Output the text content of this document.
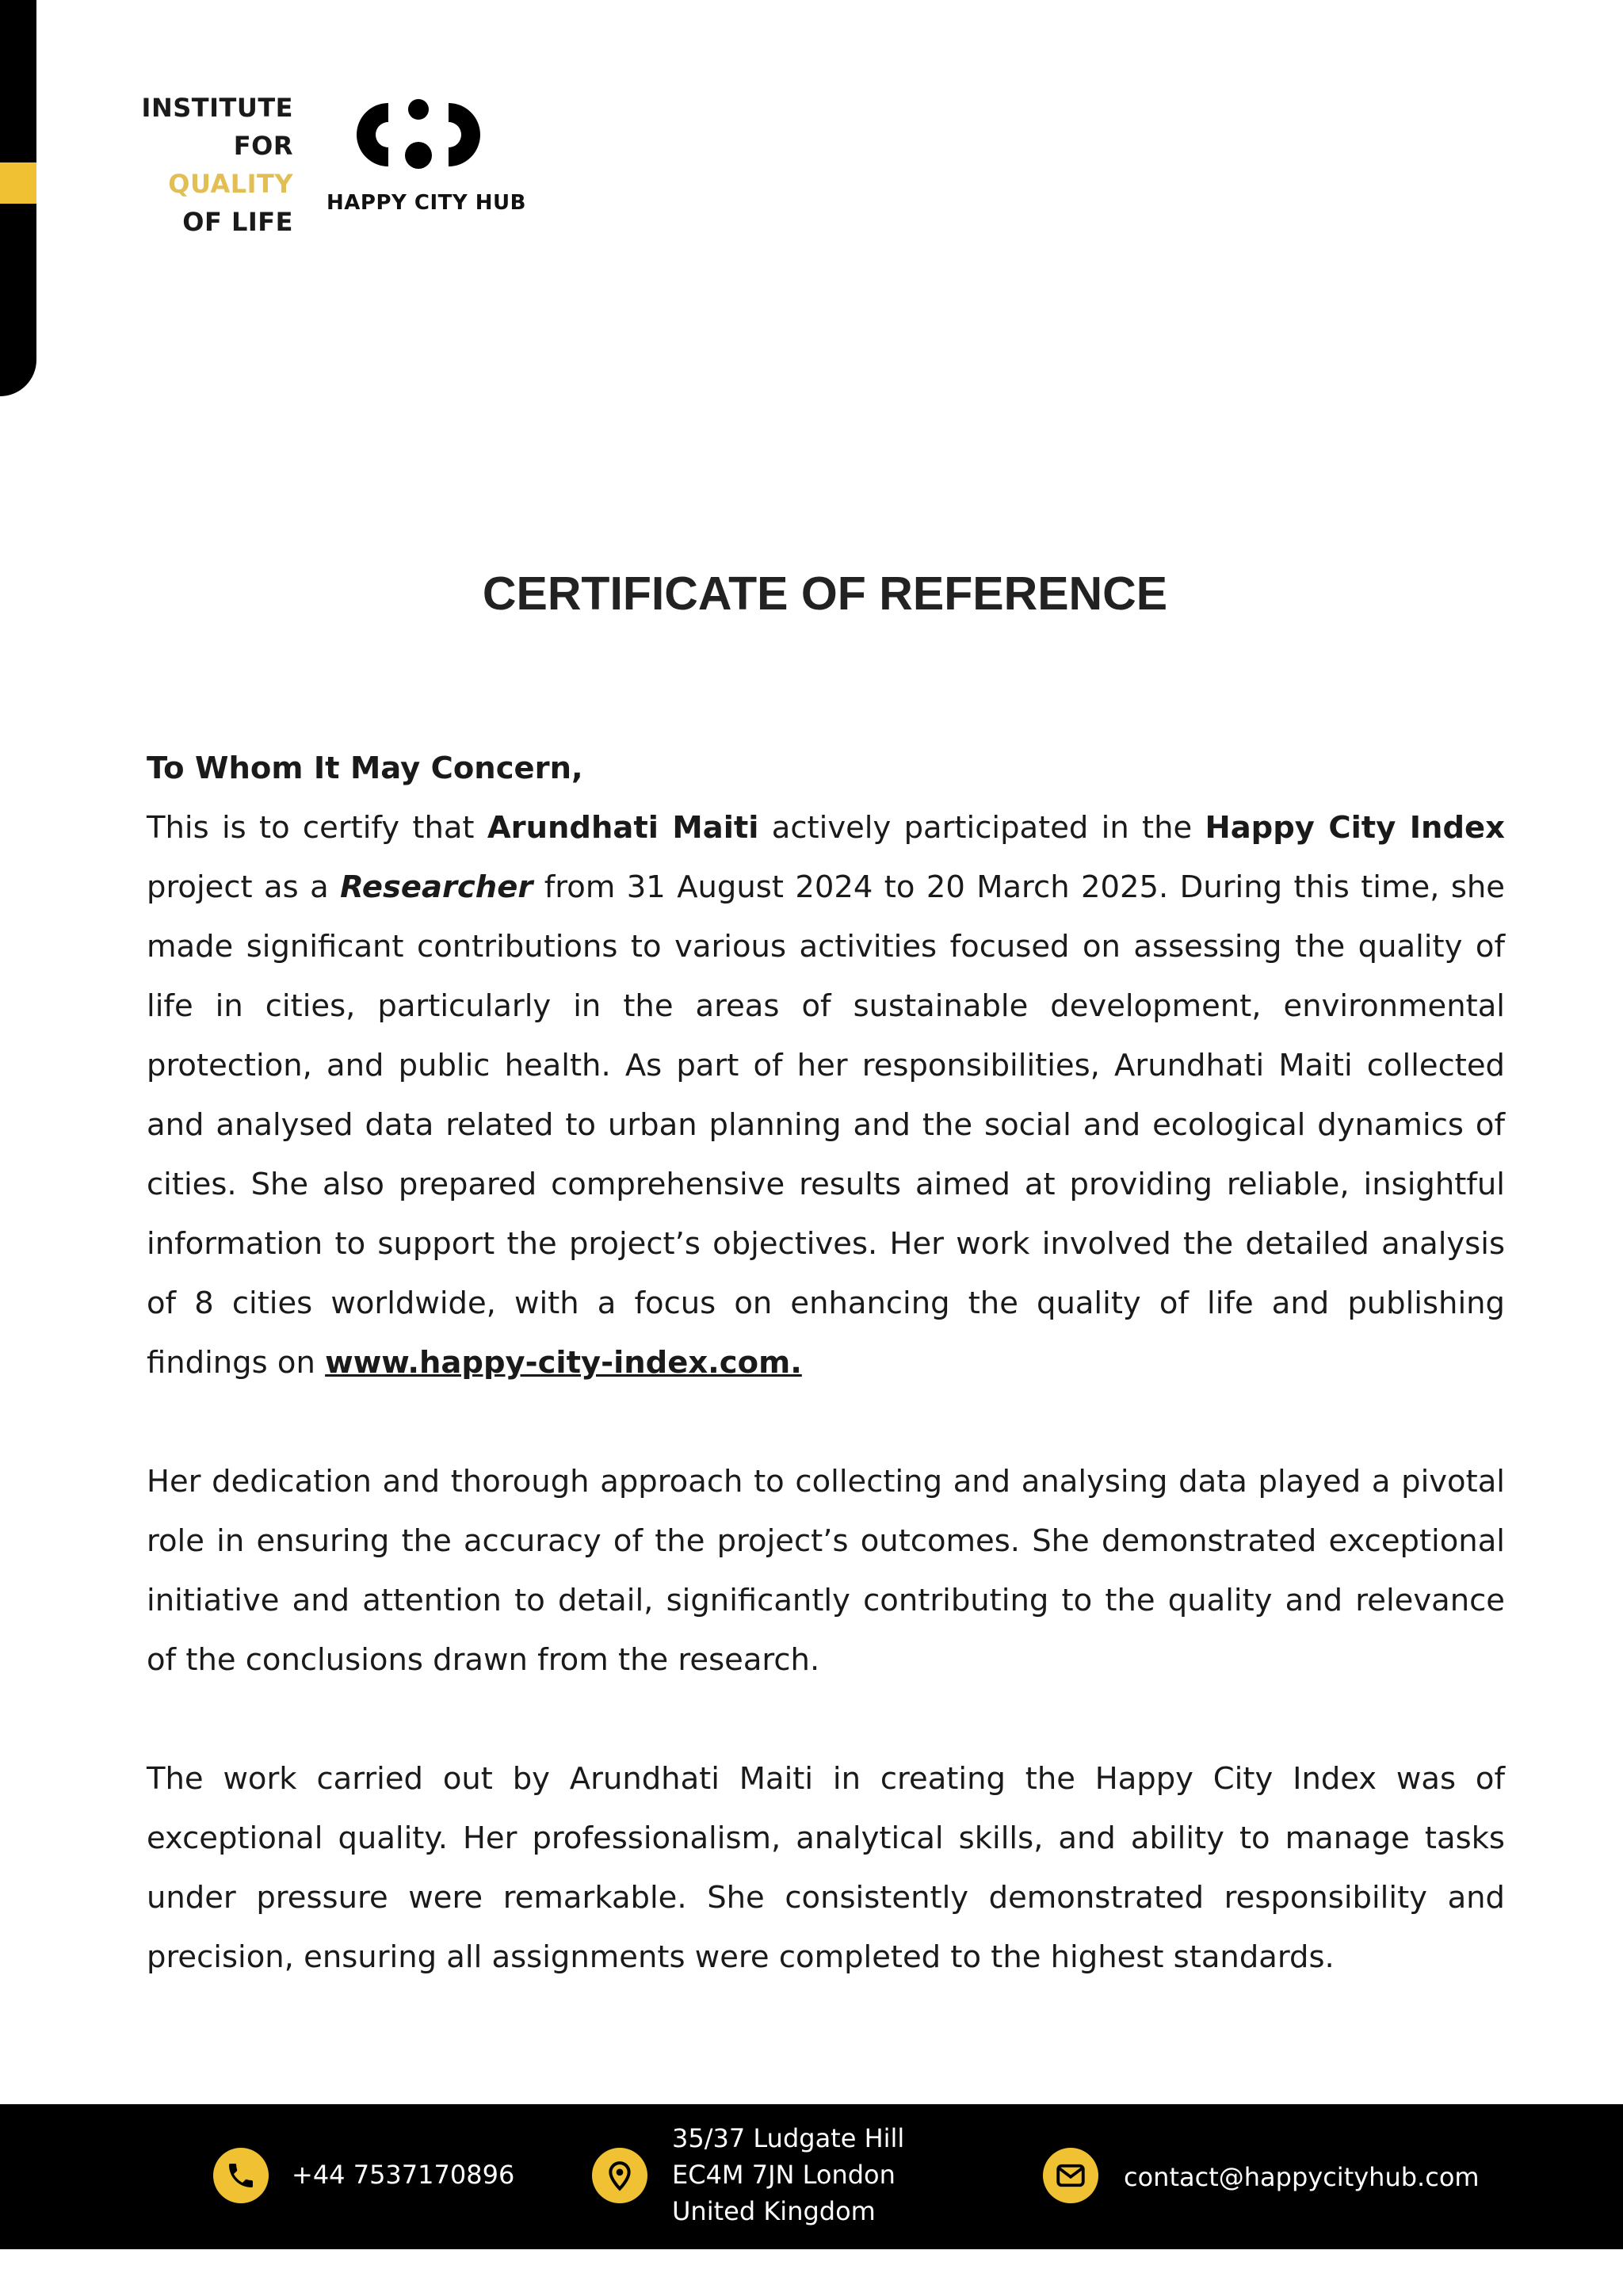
INSTITUTE
FOR
QUALITY
OF LIFE
HAPPY CITY HUB
CERTIFICATE OF REFERENCE

To Whom It May Concern,

This is to certify that Arundhati Maiti actively participated in the Happy City Index project as a Researcher from 31 August 2024 to 20 March 2025. During this time, she made significant contributions to various activities focused on assessing the quality of life in cities, particularly in the areas of sustainable development, environmental protection, and public health. As part of her responsibilities, Arundhati Maiti collected and analysed data related to urban planning and the social and ecological dynamics of cities. She also prepared comprehensive results aimed at providing reliable, insightful information to support the project’s objectives. Her work involved the detailed analysis of 8 cities worldwide, with a focus on enhancing the quality of life and publishing findings on www.happy-city-index.com.

Her dedication and thorough approach to collecting and analysing data played a pivotal role in ensuring the accuracy of the project’s outcomes. She demonstrated exceptional initiative and attention to detail, significantly contributing to the quality and relevance of the conclusions drawn from the research.

The work carried out by Arundhati Maiti in creating the Happy City Index was of exceptional quality. Her professionalism, analytical skills, and ability to manage tasks under pressure were remarkable. She consistently demonstrated responsibility and precision, ensuring all assignments were completed to the highest standards.

+44 7537170896
35/37 Ludgate Hill
EC4M 7JN London
United Kingdom
contact@happycityhub.com
